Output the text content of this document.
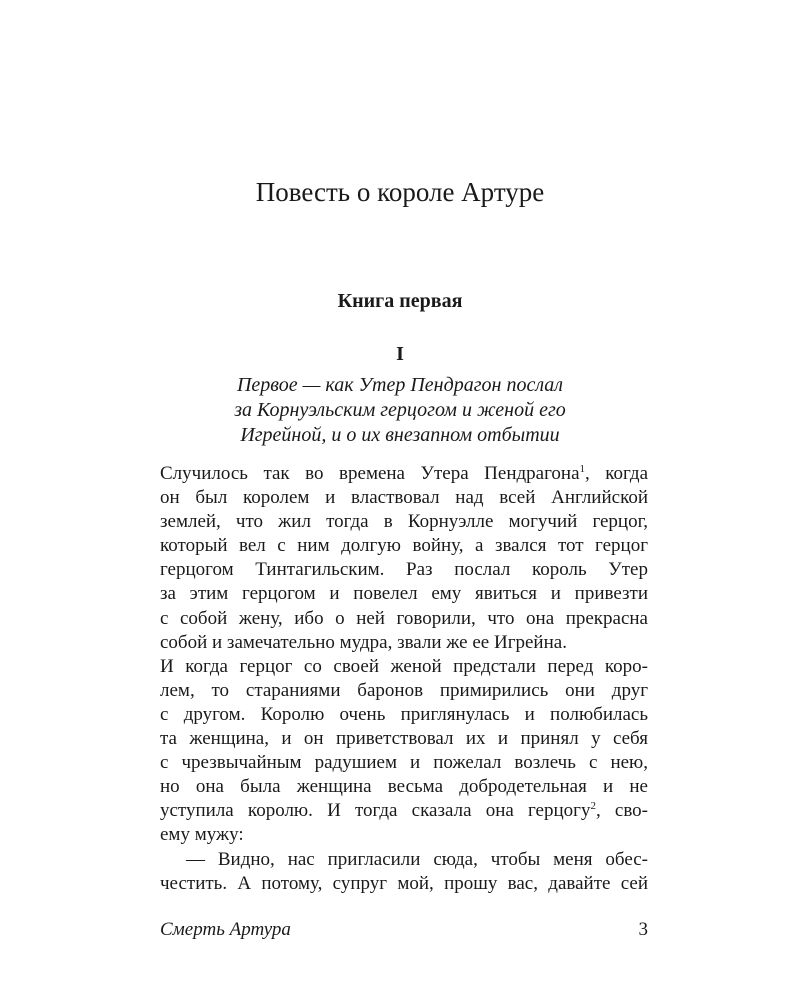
Повесть о короле Артуре
Книга первая
I
Первое — как Утер Пендрагон послал
за Корнуэльским герцогом и женой его
Игрейной, и о их внезапном отбытии
Случилось так во времена Утера Пендрагона$^1$, когда
он был королем и властвовал над всей Английской
землей, что жил тогда в Корнуэлле могучий герцог,
который вел с ним долгую войну, а звался тот герцог
герцогом Тинтагильским. Раз послал король Утер
за этим герцогом и повелел ему явиться и привезти
с собой жену, ибо о ней говорили, что она прекрасна
собой и замечательно мудра, звали же ее Игрейна.
И когда герцог со своей женой предстали перед коро-
лем, то стараниями баронов примирились они друг
с другом. Королю очень приглянулась и полюбилась
та женщина, и он приветствовал их и принял у себя
с чрезвычайным радушием и пожелал возлечь с нею,
но она была женщина весьма добродетельная и не
уступила королю. И тогда сказала она герцогу$^2$, сво-
ему мужу:
— Видно, нас пригласили сюда, чтобы меня обес-
честить. А потому, супруг мой, прошу вас, давайте сей
Смерть Артура	3
